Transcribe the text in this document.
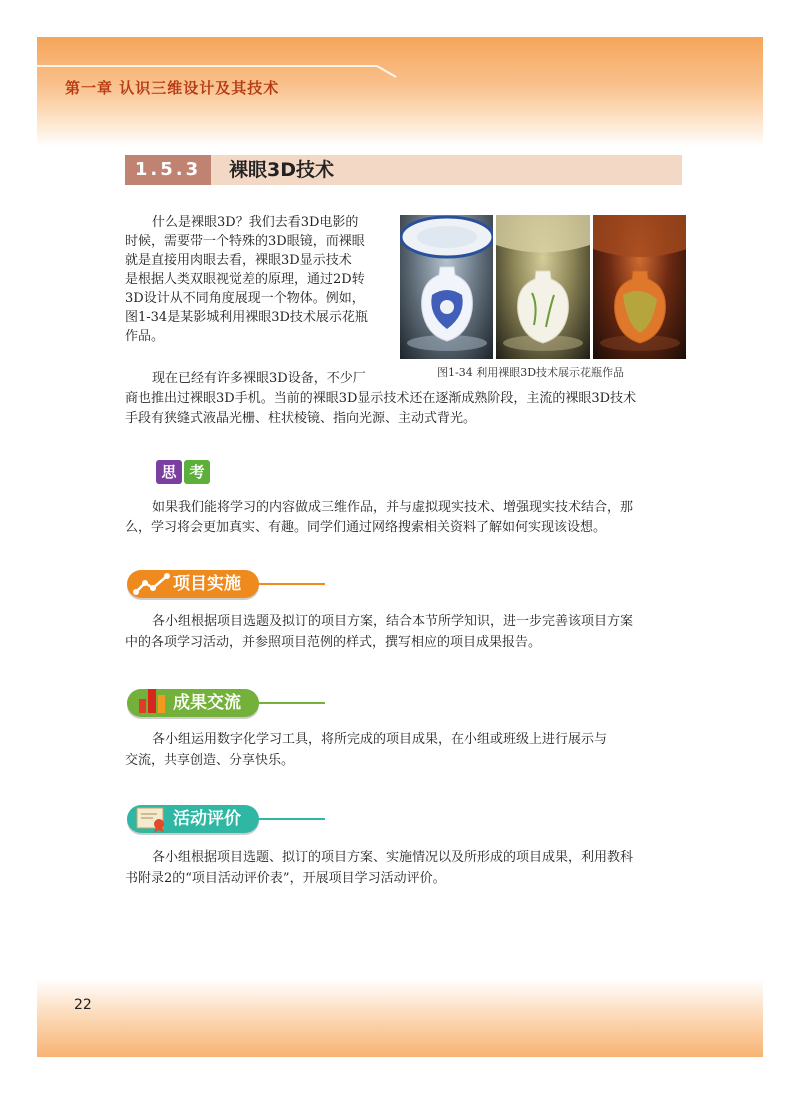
第一章 认识三维设计及其技术
1.5.3	裸眼3D技术
什么是裸眼3D？我们去看3D电影的
时候，需要带一个特殊的3D眼镜，而裸眼
就是直接用肉眼去看，裸眼3D显示技术
是根据人类双眼视觉差的原理，通过2D转
3D设计从不同角度展现一个物体。例如，
图1-34是某影城利用裸眼3D技术展示花瓶
作品。
图1-34 利用裸眼3D技术展示花瓶作品
现在已经有许多裸眼3D设备，不少厂
商也推出过裸眼3D手机。当前的裸眼3D显示技术还在逐渐成熟阶段，主流的裸眼3D技术
手段有狭缝式液晶光栅、柱状棱镜、指向光源、主动式背光。
思 考
如果我们能将学习的内容做成三维作品，并与虚拟现实技术、增强现实技术结合，那
么，学习将会更加真实、有趣。同学们通过网络搜索相关资料了解如何实现该设想。
项目实施
各小组根据项目选题及拟订的项目方案，结合本节所学知识，进一步完善该项目方案
中的各项学习活动，并参照项目范例的样式，撰写相应的项目成果报告。
成果交流
各小组运用数字化学习工具，将所完成的项目成果，在小组或班级上进行展示与
交流，共享创造、分享快乐。
活动评价
各小组根据项目选题、拟订的项目方案、实施情况以及所形成的项目成果，利用教科
书附录2的“项目活动评价表”，开展项目学习活动评价。
22
